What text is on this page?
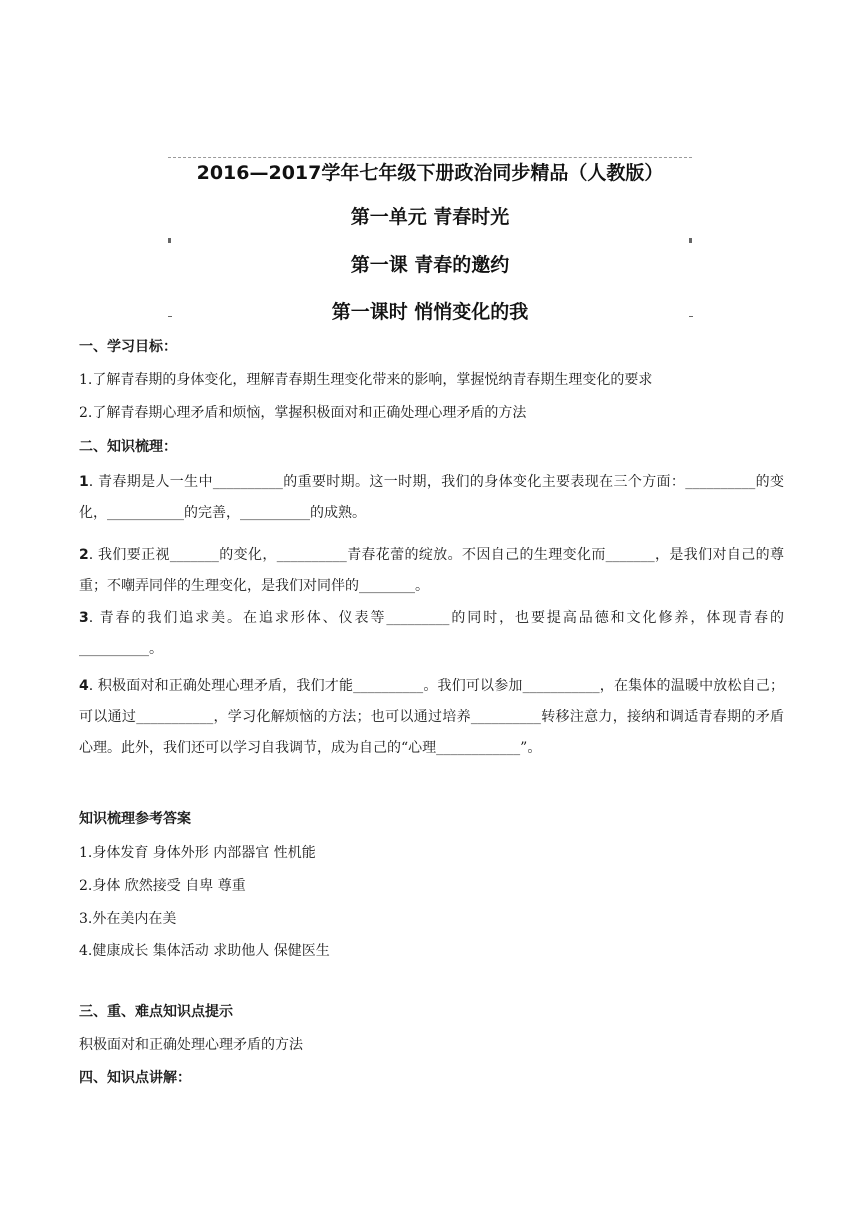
2016—2017学年七年级下册政治同步精品（人教版）
第一单元 青春时光
第一课 青春的邀约
第一课时 悄悄变化的我
一、学习目标：
1.了解青春期的身体变化，理解青春期生理变化带来的影响，掌握悦纳青春期生理变化的要求
2.了解青春期心理矛盾和烦恼，掌握积极面对和正确处理心理矛盾的方法
二、知识梳理：
1. 青春期是人一生中__________的重要时期。这一时期，我们的身体变化主要表现在三个方面：__________的变化，___________的完善，__________的成熟。
2. 我们要正视_______的变化，__________青春花蕾的绽放。不因自己的生理变化而_______，是我们对自己的尊重；不嘲弄同伴的生理变化，是我们对同伴的________。
3. 青春的我们追求美。在追求形体、仪表等_________的同时，也要提高品德和文化修养，体现青春的__________。
4. 积极面对和正确处理心理矛盾，我们才能__________。我们可以参加___________，在集体的温暖中放松自己；可以通过___________，学习化解烦恼的方法；也可以通过培养__________转移注意力，接纳和调适青春期的矛盾心理。此外，我们还可以学习自我调节，成为自己的“心理____________”。
知识梳理参考答案
1.身体发育 身体外形 内部器官 性机能
2.身体 欣然接受 自卑 尊重
3.外在美内在美
4.健康成长 集体活动 求助他人 保健医生
三、重、难点知识点提示
积极面对和正确处理心理矛盾的方法
四、知识点讲解：
